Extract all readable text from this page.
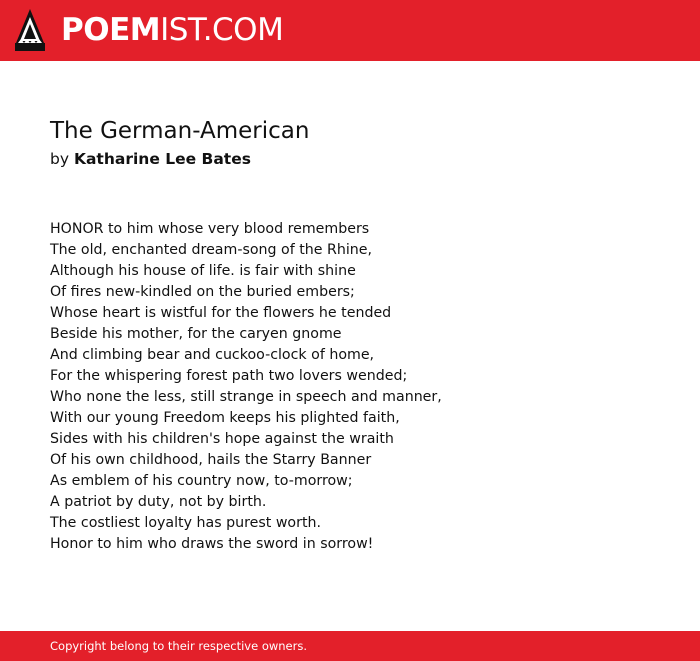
POEMIST.COM
The German-American
by Katharine Lee Bates
HONOR to him whose very blood remembers
The old, enchanted dream-song of the Rhine,
Although his house of life. is fair with shine
Of fires new-kindled on the buried embers;
Whose heart is wistful for the flowers he tended
Beside his mother, for the caryen gnome
And climbing bear and cuckoo-clock of home,
For the whispering forest path two lovers wended;
Who none the less, still strange in speech and manner,
With our young Freedom keeps his plighted faith,
Sides with his children's hope against the wraith
Of his own childhood, hails the Starry Banner
As emblem of his country now, to-morrow;
A patriot by duty, not by birth.
The costliest loyalty has purest worth.
Honor to him who draws the sword in sorrow!
Copyright belong to their respective owners.
